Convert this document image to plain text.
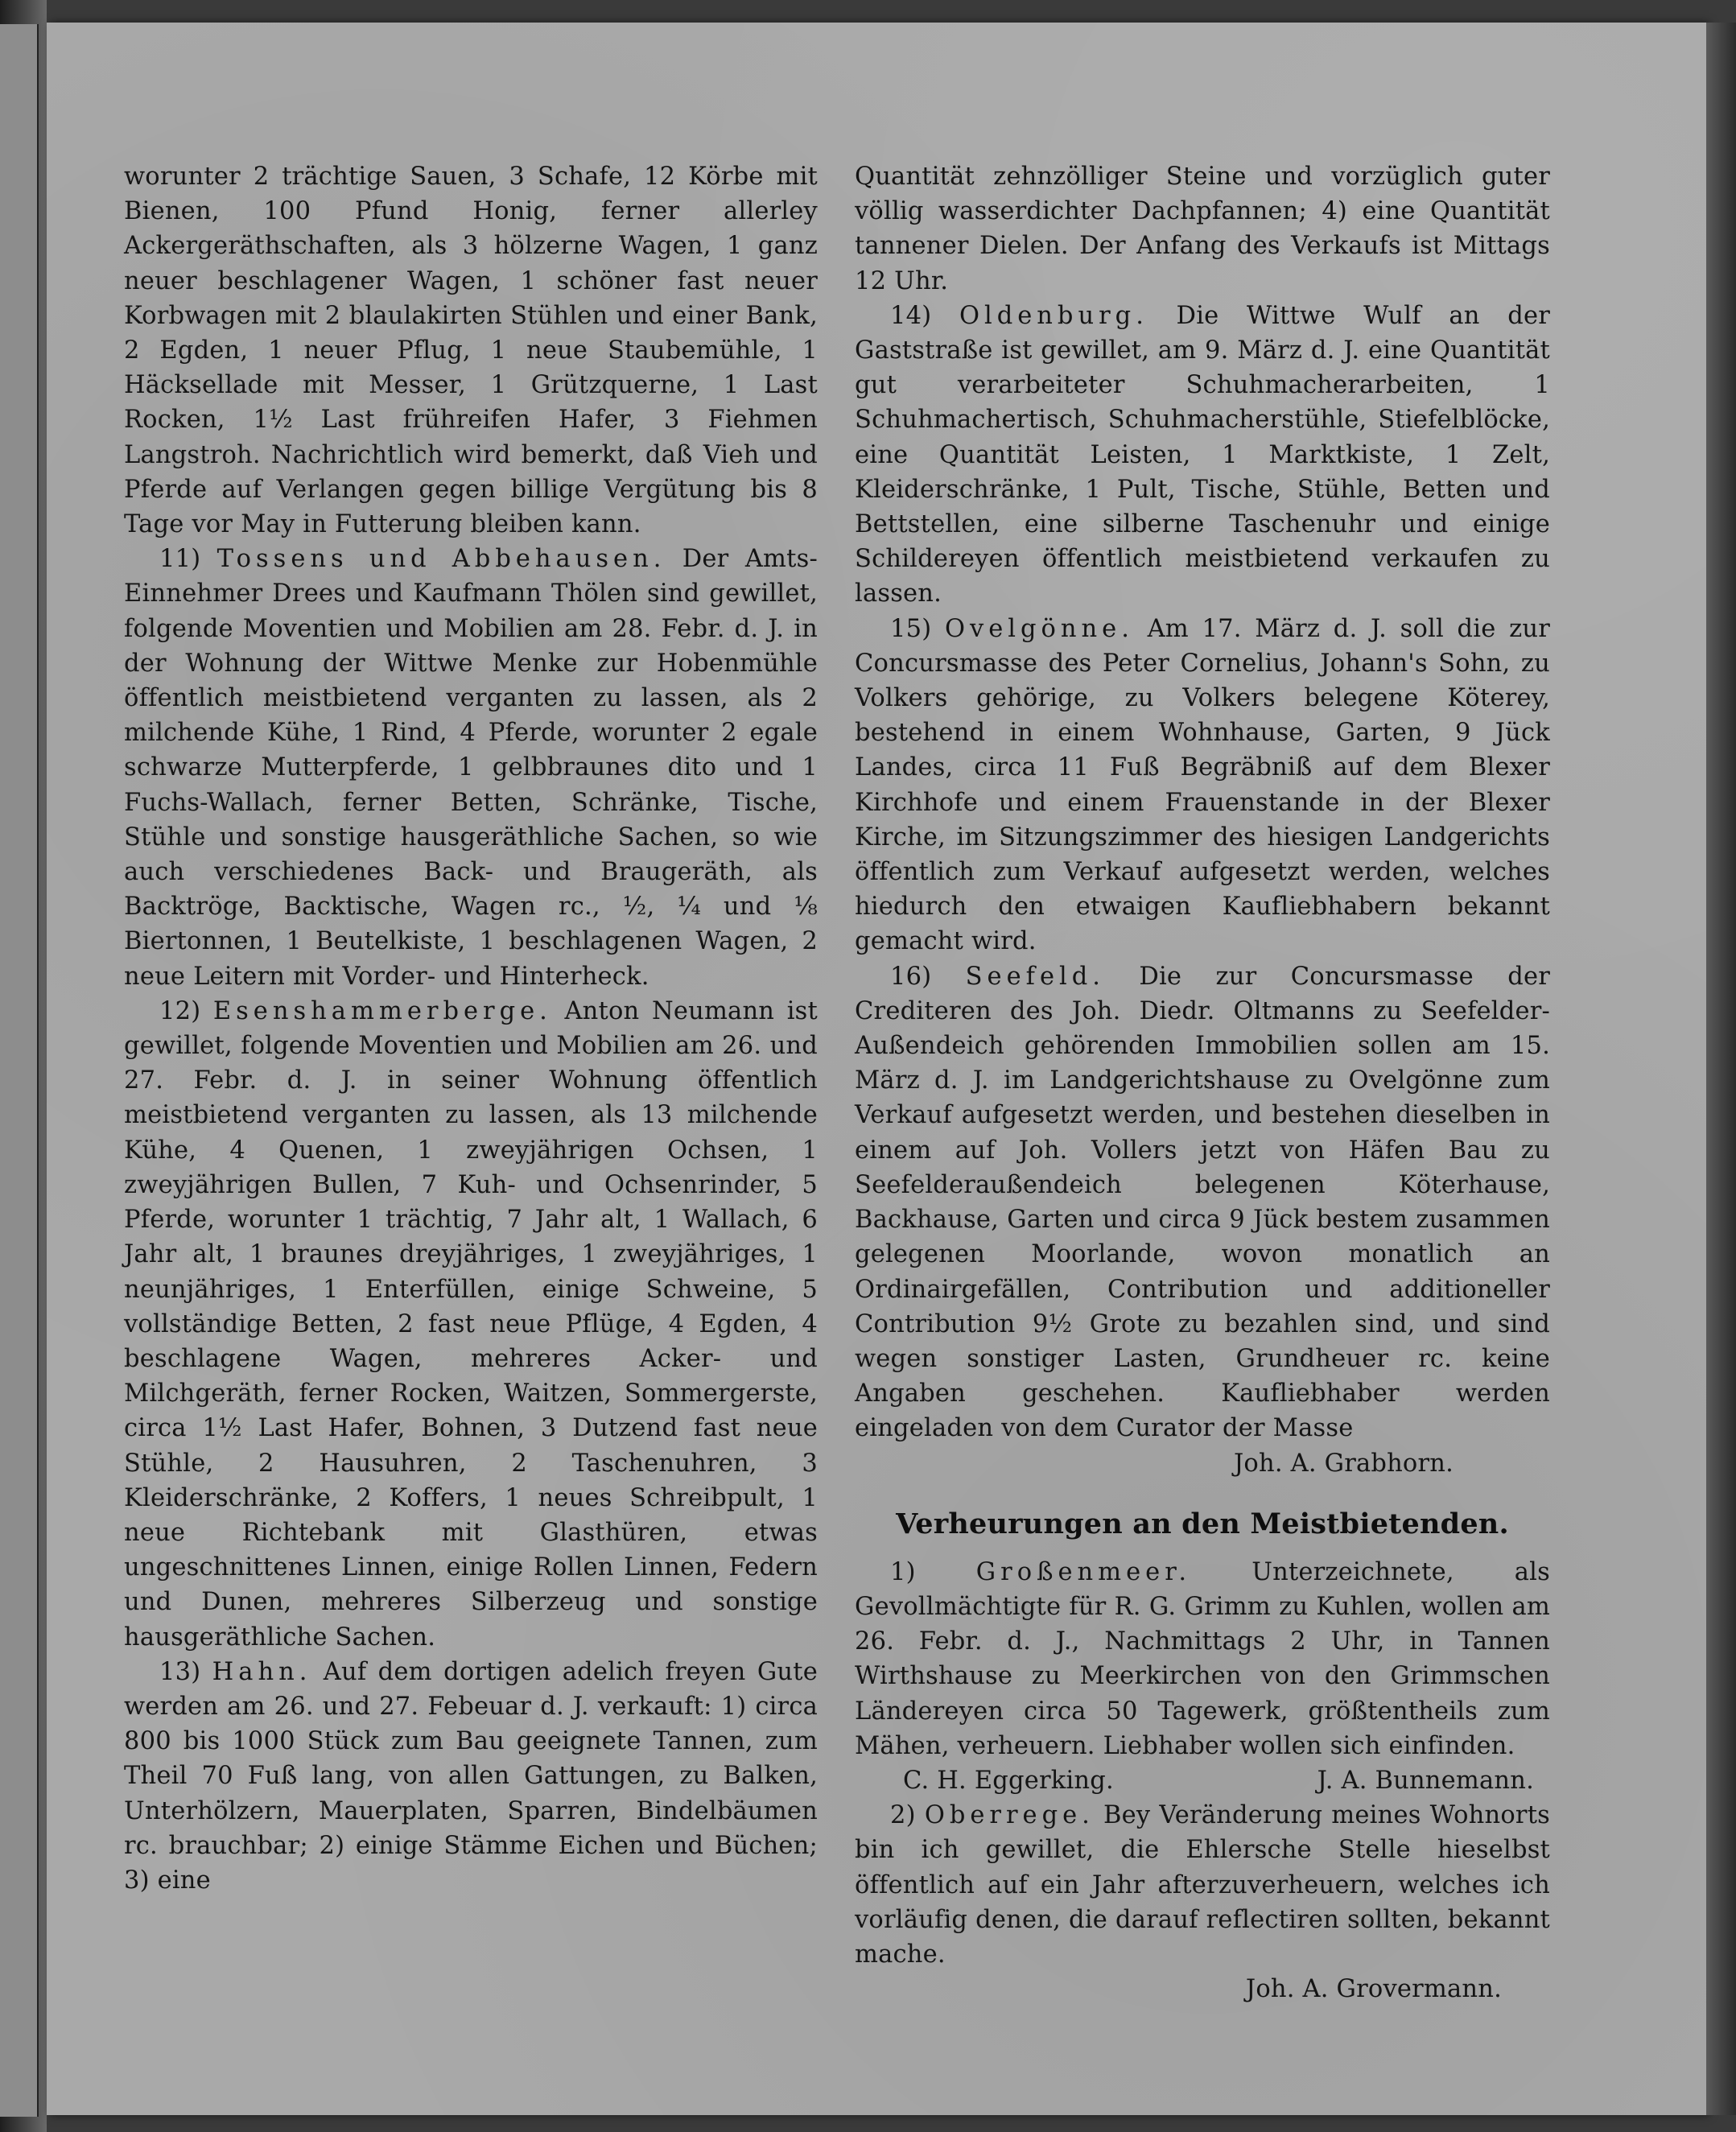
worunter 2 trächtige Sauen, 3 Schafe, 12 Körbe mit Bienen, 100 Pfund Honig, ferner allerley Ackergeräthschaften, als 3 hölzerne Wagen, 1 ganz neuer beschlagener Wagen, 1 schöner fast neuer Korbwagen mit 2 blaulakirten Stühlen und einer Bank, 2 Egden, 1 neuer Pflug, 1 neue Staubemühle, 1 Häcksellade mit Messer, 1 Grützquerne, 1 Last Rocken, 1½ Last frühreifen Hafer, 3 Fiehmen Langstroh. Nachrichtlich wird bemerkt, daß Vieh und Pferde auf Verlangen gegen billige Vergütung bis 8 Tage vor May in Futterung bleiben kann.

11) Tossens und Abbehausen. Der Amts-Einnehmer Drees und Kaufmann Thölen sind gewillet, folgende Moventien und Mobilien am 28. Febr. d. J. in der Wohnung der Wittwe Menke zur Hobenmühle öffentlich meistbietend verganten zu lassen, als 2 milchende Kühe, 1 Rind, 4 Pferde, worunter 2 egale schwarze Mutterpferde, 1 gelbbraunes dito und 1 Fuchs-Wallach, ferner Betten, Schränke, Tische, Stühle und sonstige hausgeräthliche Sachen, so wie auch verschiedenes Back- und Braugeräth, als Backtröge, Backtische, Wagen rc., ½, ¼ und ⅛ Biertonnen, 1 Beutelkiste, 1 beschlagenen Wagen, 2 neue Leitern mit Vorder- und Hinterheck.

12) Esenshammerberge. Anton Neumann ist gewillet, folgende Moventien und Mobilien am 26. und 27. Febr. d. J. in seiner Wohnung öffentlich meistbietend verganten zu lassen, als 13 milchende Kühe, 4 Quenen, 1 zweyjährigen Ochsen, 1 zweyjährigen Bullen, 7 Kuh- und Ochsenrinder, 5 Pferde, worunter 1 trächtig, 7 Jahr alt, 1 Wallach, 6 Jahr alt, 1 braunes dreyjähriges, 1 zweyjähriges, 1 neunjähriges, 1 Enterfüllen, einige Schweine, 5 vollständige Betten, 2 fast neue Pflüge, 4 Egden, 4 beschlagene Wagen, mehreres Acker- und Milchgeräth, ferner Rocken, Waitzen, Sommergerste, circa 1½ Last Hafer, Bohnen, 3 Dutzend fast neue Stühle, 2 Hausuhren, 2 Taschenuhren, 3 Kleiderschränke, 2 Koffers, 1 neues Schreibpult, 1 neue Richtebank mit Glasthüren, etwas ungeschnittenes Linnen, einige Rollen Linnen, Federn und Dunen, mehreres Silberzeug und sonstige hausgeräthliche Sachen.

13) Hahn. Auf dem dortigen adelich freyen Gute werden am 26. und 27. Febeuar d. J. verkauft: 1) circa 800 bis 1000 Stück zum Bau geeignete Tannen, zum Theil 70 Fuß lang, von allen Gattungen, zu Balken, Unterhölzern, Mauerplaten, Sparren, Bindelbäumen rc. brauchbar; 2) einige Stämme Eichen und Büchen; 3) eine

Quantität zehnzölliger Steine und vorzüglich guter völlig wasserdichter Dachpfannen; 4) eine Quantität tannener Dielen. Der Anfang des Verkaufs ist Mittags 12 Uhr.

14) Oldenburg. Die Wittwe Wulf an der Gaststraße ist gewillet, am 9. März d. J. eine Quantität gut verarbeiteter Schuhmacherarbeiten, 1 Schuhmachertisch, Schuhmacherstühle, Stiefelblöcke, eine Quantität Leisten, 1 Marktkiste, 1 Zelt, Kleiderschränke, 1 Pult, Tische, Stühle, Betten und Bettstellen, eine silberne Taschenuhr und einige Schildereyen öffentlich meistbietend verkaufen zu lassen.

15) Ovelgönne. Am 17. März d. J. soll die zur Concursmasse des Peter Cornelius, Johann's Sohn, zu Volkers gehörige, zu Volkers belegene Köterey, bestehend in einem Wohnhause, Garten, 9 Jück Landes, circa 11 Fuß Begräbniß auf dem Blexer Kirchhofe und einem Frauenstande in der Blexer Kirche, im Sitzungszimmer des hiesigen Landgerichts öffentlich zum Verkauf aufgesetzt werden, welches hiedurch den etwaigen Kaufliebhabern bekannt gemacht wird.

16) Seefeld. Die zur Concursmasse der Crediteren des Joh. Diedr. Oltmanns zu Seefelder-Außendeich gehörenden Immobilien sollen am 15. März d. J. im Landgerichtshause zu Ovelgönne zum Verkauf aufgesetzt werden, und bestehen dieselben in einem auf Joh. Vollers jetzt von Häfen Bau zu Seefelderaußendeich belegenen Köterhause, Backhause, Garten und circa 9 Jück bestem zusammen gelegenen Moorlande, wovon monatlich an Ordinairgefällen, Contribution und additioneller Contribution 9½ Grote zu bezahlen sind, und sind wegen sonstiger Lasten, Grundheuer rc. keine Angaben geschehen. Kaufliebhaber werden eingeladen von dem Curator der Masse

Joh. A. Grabhorn.

Verheurungen an den Meistbietenden.

1) Großenmeer. Unterzeichnete, als Gevollmächtigte für R. G. Grimm zu Kuhlen, wollen am 26. Febr. d. J., Nachmittags 2 Uhr, in Tannen Wirthshause zu Meerkirchen von den Grimmschen Ländereyen circa 50 Tagewerk, größtentheils zum Mähen, verheuern. Liebhaber wollen sich einfinden.

C. H. Eggerking.	J. A. Bunnemann.

2) Oberrege. Bey Veränderung meines Wohnorts bin ich gewillet, die Ehlersche Stelle hieselbst öffentlich auf ein Jahr afterzuverheuern, welches ich vorläufig denen, die darauf reflectiren sollten, bekannt mache.

Joh. A. Grovermann.
